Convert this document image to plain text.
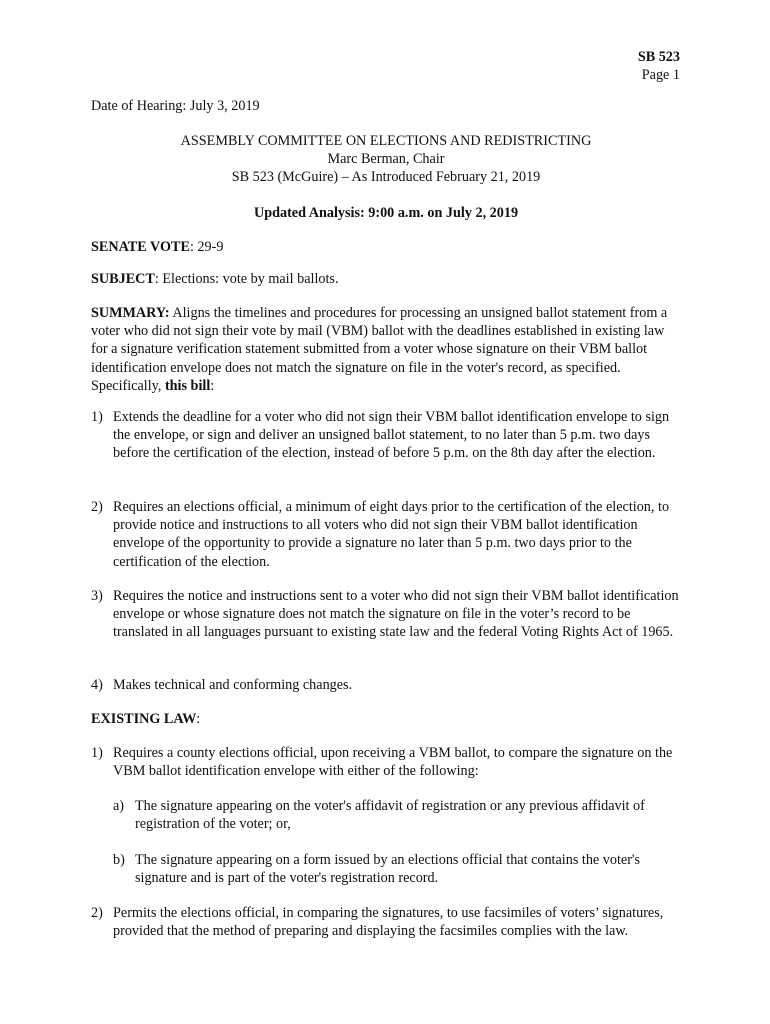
SB 523
Page 1
Date of Hearing: July 3, 2019
ASSEMBLY COMMITTEE ON ELECTIONS AND REDISTRICTING
Marc Berman, Chair
SB 523 (McGuire) – As Introduced February 21, 2019
Updated Analysis: 9:00 a.m. on July 2, 2019
SENATE VOTE: 29-9
SUBJECT: Elections: vote by mail ballots.
SUMMARY: Aligns the timelines and procedures for processing an unsigned ballot statement from a voter who did not sign their vote by mail (VBM) ballot with the deadlines established in existing law for a signature verification statement submitted from a voter whose signature on their VBM ballot identification envelope does not match the signature on file in the voter's record, as specified. Specifically, this bill:
1) Extends the deadline for a voter who did not sign their VBM ballot identification envelope to sign the envelope, or sign and deliver an unsigned ballot statement, to no later than 5 p.m. two days before the certification of the election, instead of before 5 p.m. on the 8th day after the election.
2) Requires an elections official, a minimum of eight days prior to the certification of the election, to provide notice and instructions to all voters who did not sign their VBM ballot identification envelope of the opportunity to provide a signature no later than 5 p.m. two days prior to the certification of the election.
3) Requires the notice and instructions sent to a voter who did not sign their VBM ballot identification envelope or whose signature does not match the signature on file in the voter’s record to be translated in all languages pursuant to existing state law and the federal Voting Rights Act of 1965.
4) Makes technical and conforming changes.
EXISTING LAW:
1) Requires a county elections official, upon receiving a VBM ballot, to compare the signature on the VBM ballot identification envelope with either of the following:
a) The signature appearing on the voter's affidavit of registration or any previous affidavit of registration of the voter; or,
b) The signature appearing on a form issued by an elections official that contains the voter's signature and is part of the voter's registration record.
2) Permits the elections official, in comparing the signatures, to use facsimiles of voters’ signatures, provided that the method of preparing and displaying the facsimiles complies with the law.
